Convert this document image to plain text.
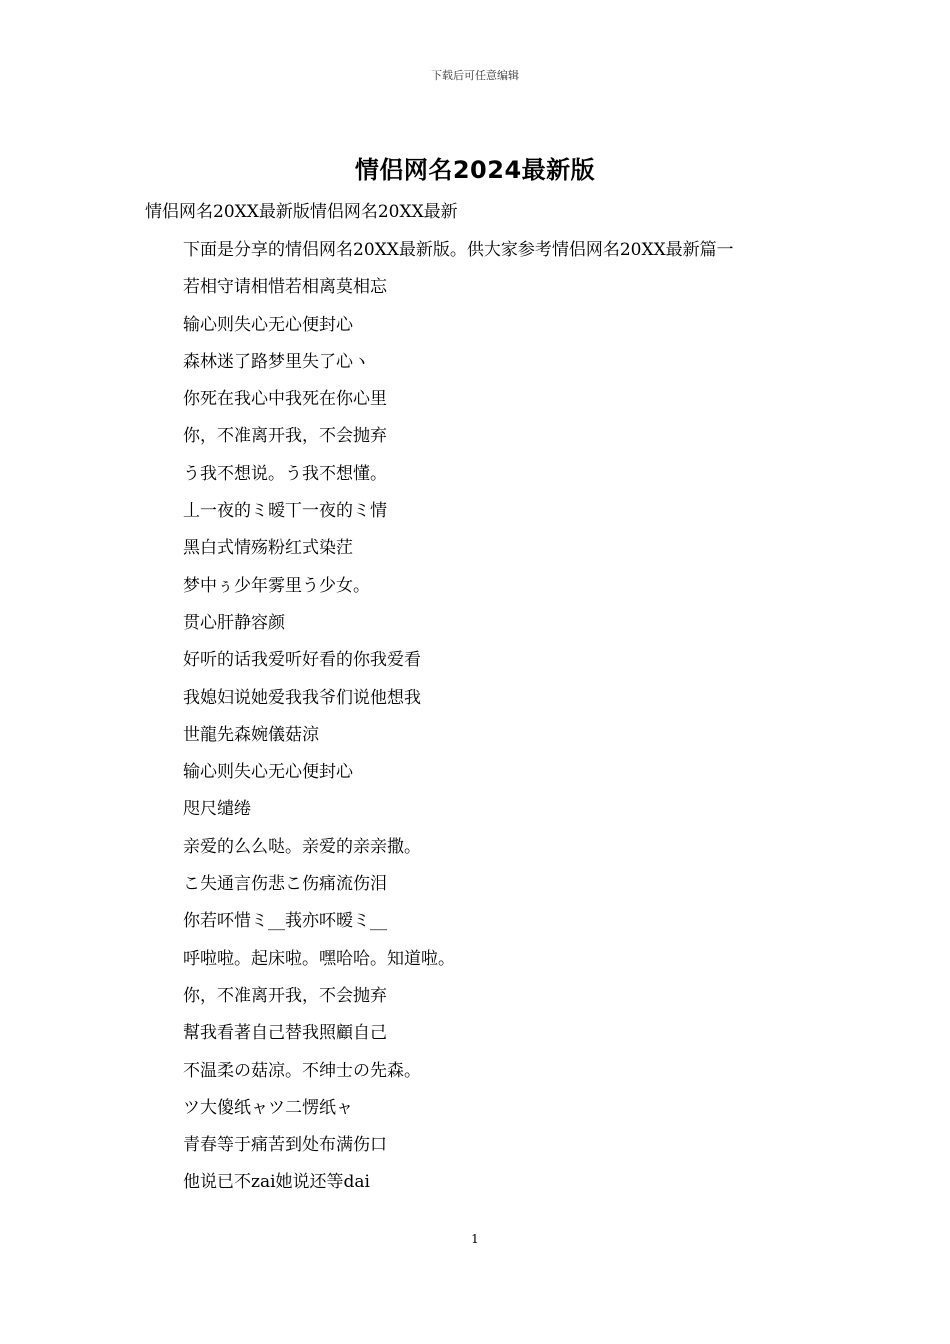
下载后可任意编辑
情侣网名2024最新版
情侣网名20XX最新版情侣网名20XX最新
下面是分享的情侣网名20XX最新版。供大家参考情侣网名20XX最新篇一
若相守请相惜若相离莫相忘
输心则失心无心便封心
森林迷了路梦里失了心ヽ
你死在我心中我死在你心里
你，不准离开我，不会抛弃
う我不想说。う我不想懂。
丄一夜的ミ暧丅一夜的ミ情
黑白式情殇粉红式染茳
梦中ぅ少年雾里う少女。
贯心肝静容颜
好听的话我爱听好看的你我爱看
我媳妇说她爱我我爷们说他想我
世龍先森婉儀菇涼
输心则失心无心便封心
咫尺缱绻
亲爱的么么哒。亲爱的亲亲撒。
こ失通言伤悲こ伤痛流伤泪
你若吥惜ミ__莪亦吥暧ミ__
呼啦啦。起床啦。嘿哈哈。知道啦。
你，不准离开我，不会抛弃
幫我看著自己替我照顧自己
不温柔の菇凉。不绅士の先森。
ツ大傻纸ャツ二愣纸ャ
青春等于痛苦到处布满伤口
他说已不zai她说还等dai
1
